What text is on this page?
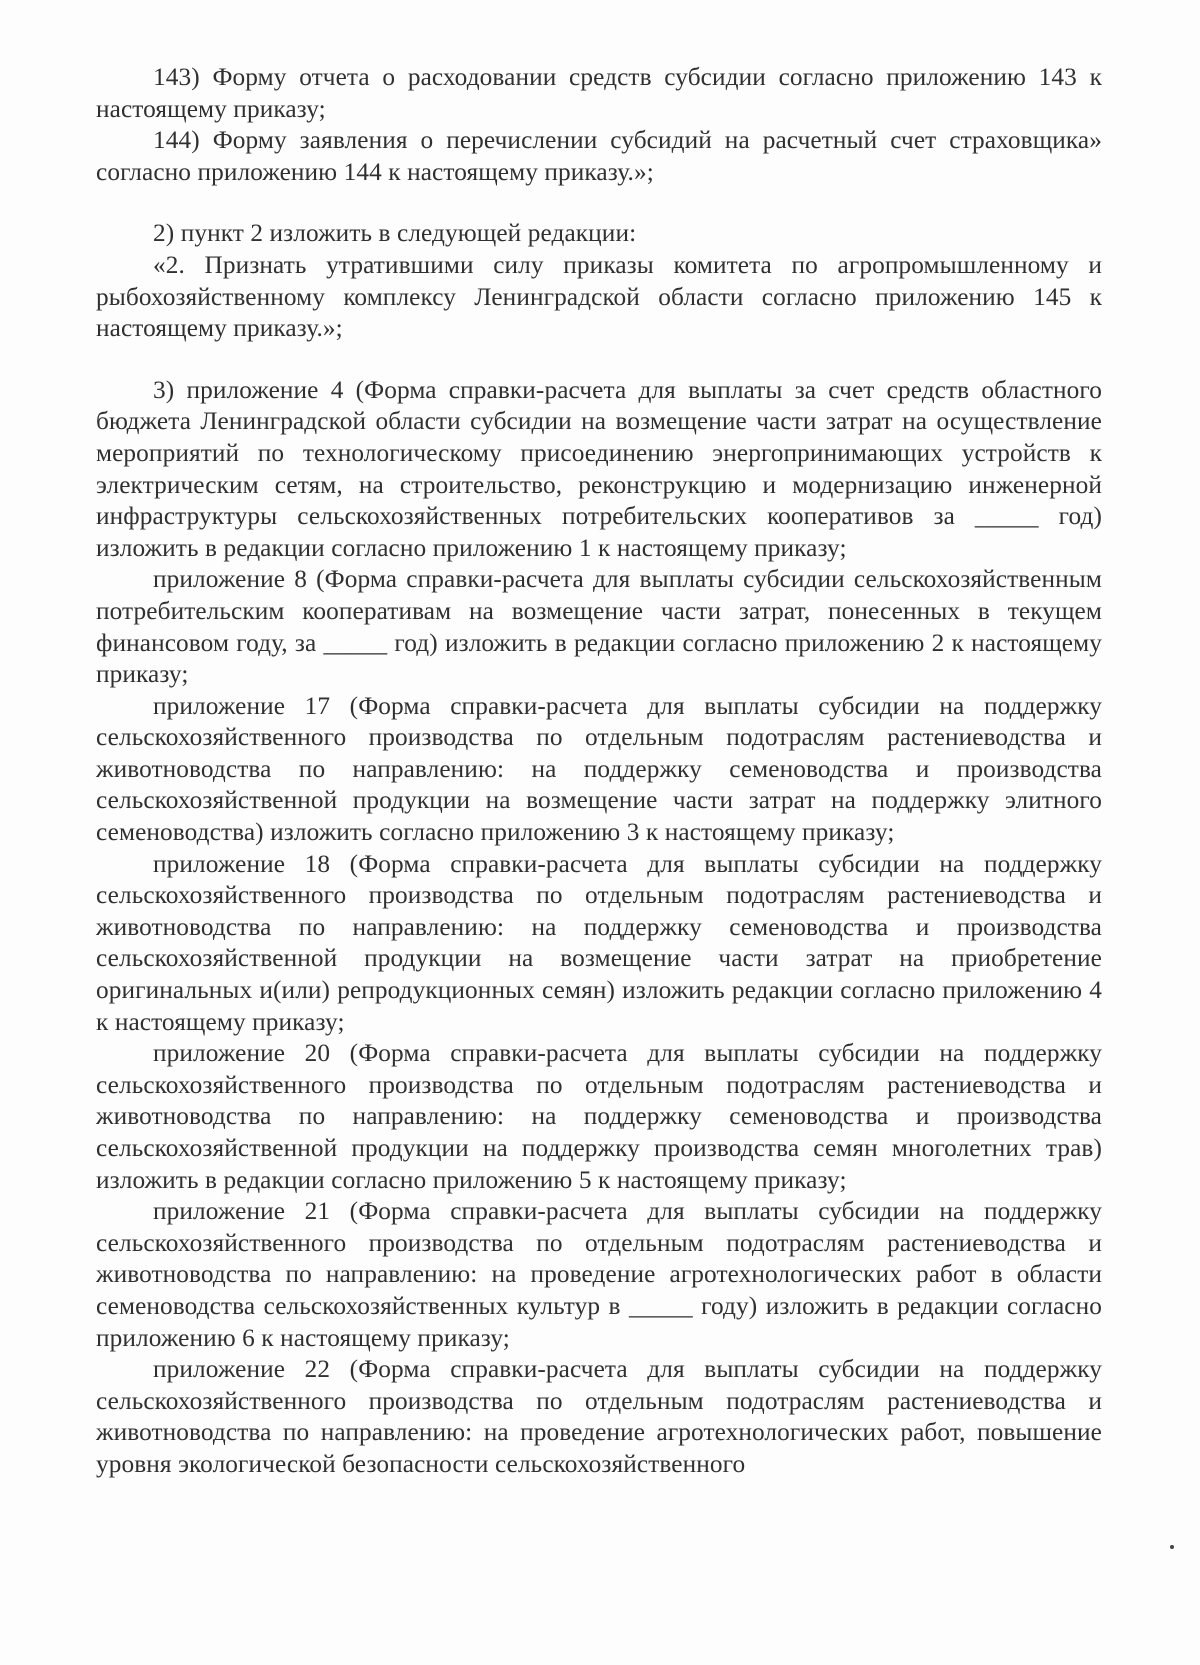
143) Форму отчета о расходовании средств субсидии согласно приложению 143 к настоящему приказу;

144) Форму заявления о перечислении субсидий на расчетный счет страховщика» согласно приложению 144 к настоящему приказу.»;

2) пункт 2 изложить в следующей редакции:

«2. Признать утратившими силу приказы комитета по агропромышленному и рыбохозяйственному комплексу Ленинградской области согласно приложению 145 к настоящему приказу.»;

3) приложение 4 (Форма справки-расчета для выплаты за счет средств областного бюджета Ленинградской области субсидии на возмещение части затрат на осуществление мероприятий по технологическому присоединению энергопринимающих устройств к электрическим сетям, на строительство, реконструкцию и модернизацию инженерной инфраструктуры сельскохозяйственных потребительских кооперативов за _____ год) изложить в редакции согласно приложению 1 к настоящему приказу;

приложение 8 (Форма справки-расчета для выплаты субсидии сельскохозяйственным потребительским кооперативам на возмещение части затрат, понесенных в текущем финансовом году, за _____ год) изложить в редакции согласно приложению 2 к настоящему приказу;

приложение 17 (Форма справки-расчета для выплаты субсидии на поддержку сельскохозяйственного производства по отдельным подотраслям растениеводства и животноводства по направлению: на поддержку семеноводства и производства сельскохозяйственной продукции на возмещение части затрат на поддержку элитного семеноводства) изложить согласно приложению 3 к настоящему приказу;

приложение 18 (Форма справки-расчета для выплаты субсидии на поддержку сельскохозяйственного производства по отдельным подотраслям растениеводства и животноводства по направлению: на поддержку семеноводства и производства сельскохозяйственной продукции на возмещение части затрат на приобретение оригинальных и(или) репродукционных семян) изложить редакции согласно приложению 4 к настоящему приказу;

приложение 20 (Форма справки-расчета для выплаты субсидии на поддержку сельскохозяйственного производства по отдельным подотраслям растениеводства и животноводства по направлению: на поддержку семеноводства и производства сельскохозяйственной продукции на поддержку производства семян многолетних трав) изложить в редакции согласно приложению 5 к настоящему приказу;

приложение 21 (Форма справки-расчета для выплаты субсидии на поддержку сельскохозяйственного производства по отдельным подотраслям растениеводства и животноводства по направлению: на проведение агротехнологических работ в области семеноводства сельскохозяйственных культур в _____ году) изложить в редакции согласно приложению 6 к настоящему приказу;

приложение 22 (Форма справки-расчета для выплаты субсидии на поддержку сельскохозяйственного производства по отдельным подотраслям растениеводства и животноводства по направлению: на проведение агротехнологических работ, повышение уровня экологической безопасности сельскохозяйственного
